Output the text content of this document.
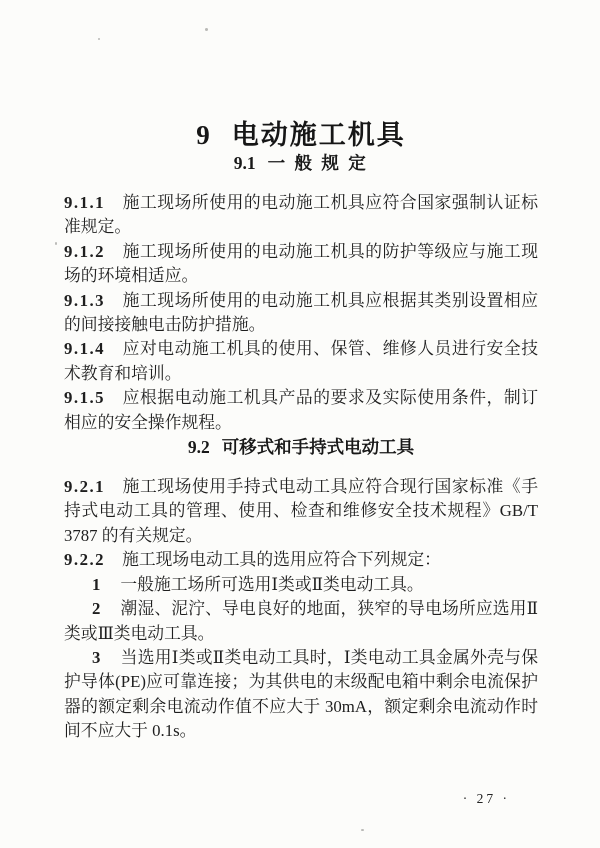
9 电动施工机具
9.1 一 般 规 定

9.1.1 施工现场所使用的电动施工机具应符合国家强制认证标准规定。

9.1.2 施工现场所使用的电动施工机具的防护等级应与施工现场的环境相适应。

9.1.3 施工现场所使用的电动施工机具应根据其类别设置相应的间接接触电击防护措施。

9.1.4 应对电动施工机具的使用、保管、维修人员进行安全技术教育和培训。

9.1.5 应根据电动施工机具产品的要求及实际使用条件，制订相应的安全操作规程。

9.2 可移式和手持式电动工具

9.2.1 施工现场使用手持式电动工具应符合现行国家标准《手持式电动工具的管理、使用、检查和维修安全技术规程》GB/T 3787 的有关规定。

9.2.2 施工现场电动工具的选用应符合下列规定：

1 一般施工场所可选用Ⅰ类或Ⅱ类电动工具。

2 潮湿、泥泞、导电良好的地面，狭窄的导电场所应选用Ⅱ类或Ⅲ类电动工具。

3 当选用Ⅰ类或Ⅱ类电动工具时，Ⅰ类电动工具金属外壳与保护导体(PE)应可靠连接；为其供电的末级配电箱中剩余电流保护器的额定剩余电流动作值不应大于 30mA，额定剩余电流动作时间不应大于 0.1s。

· 27 ·
